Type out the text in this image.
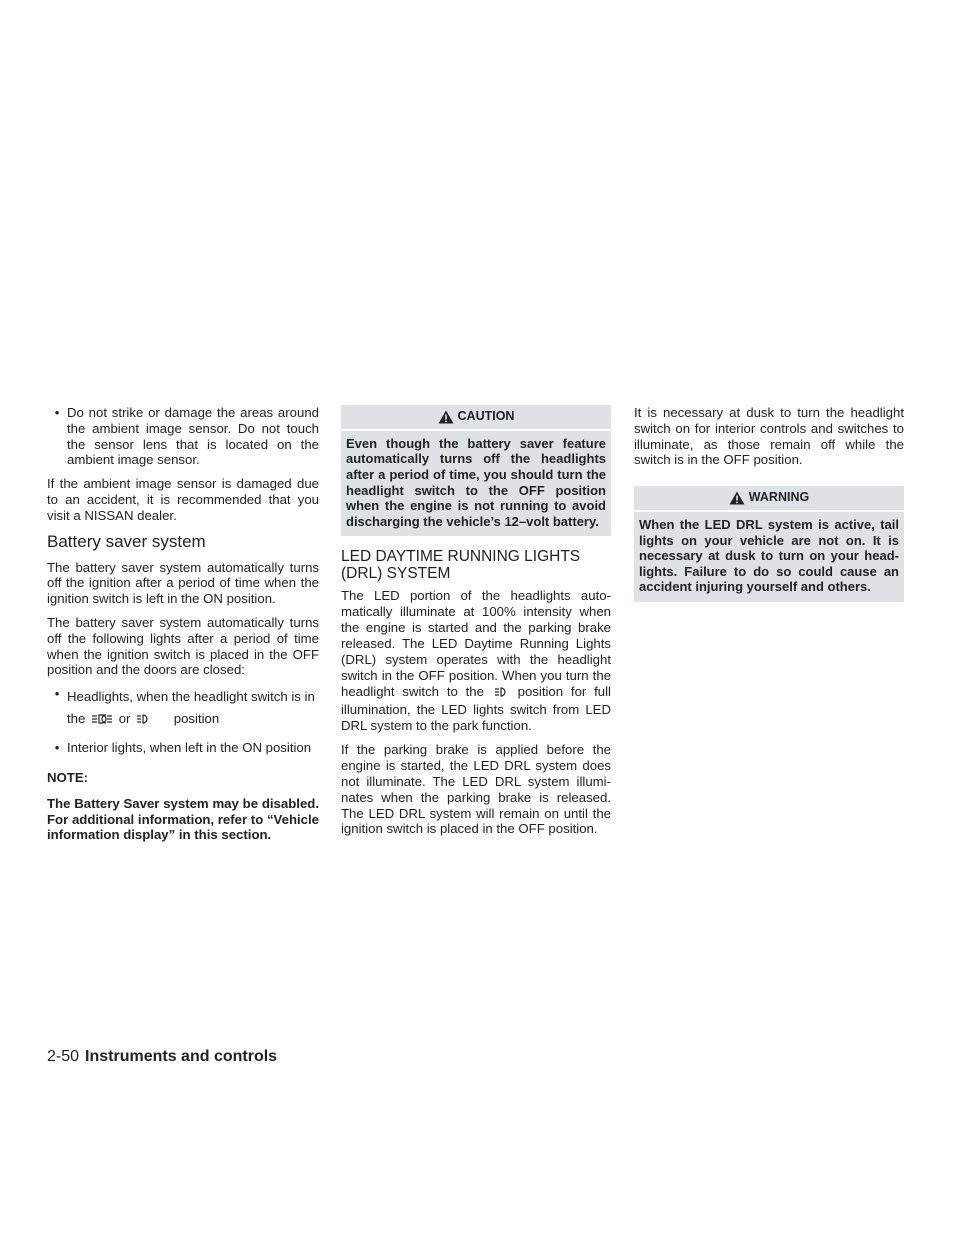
• Do not strike or damage the areas around the ambient image sensor. Do not touch the sensor lens that is located on the ambient image sensor.

If the ambient image sensor is damaged due to an accident, it is recommended that you visit a NISSAN dealer.

Battery saver system

The battery saver system automatically turns off the ignition after a period of time when the ignition switch is left in the ON position.

The battery saver system automatically turns off the following lights after a period of time when the ignition switch is placed in the OFF position and the doors are closed:

• Headlights, when the headlight switch is in the	or	position
• Interior lights, when left in the ON position
NOTE:
The Battery Saver system may be disabled. For additional information, refer to “Vehicle information display” in this section.
CAUTION
Even though the battery saver feature automatically turns off the headlights after a period of time, you should turn the headlight switch to the OFF position when the engine is not running to avoid discharging the vehicle’s 12–volt battery.
LED DAYTIME RUNNING LIGHTS (DRL) SYSTEM

The LED portion of the headlights automatically illuminate at 100% intensity when the engine is started and the parking brake released. The LED Daytime Running Lights (DRL) system operates with the headlight switch in the OFF position. When you turn the headlight switch to the	position for full illumination, the LED lights switch from LED DRL system to the park function.

If the parking brake is applied before the engine is started, the LED DRL system does not illuminate. The LED DRL system illuminates when the parking brake is released. The LED DRL system will remain on until the ignition switch is placed in the OFF position.

It is necessary at dusk to turn the headlight switch on for interior controls and switches to illuminate, as those remain off while the switch is in the OFF position.

WARNING
When the LED DRL system is active, tail lights on your vehicle are not on. It is necessary at dusk to turn on your headlights. Failure to do so could cause an accident injuring yourself and others.
2-50 Instruments and controls
